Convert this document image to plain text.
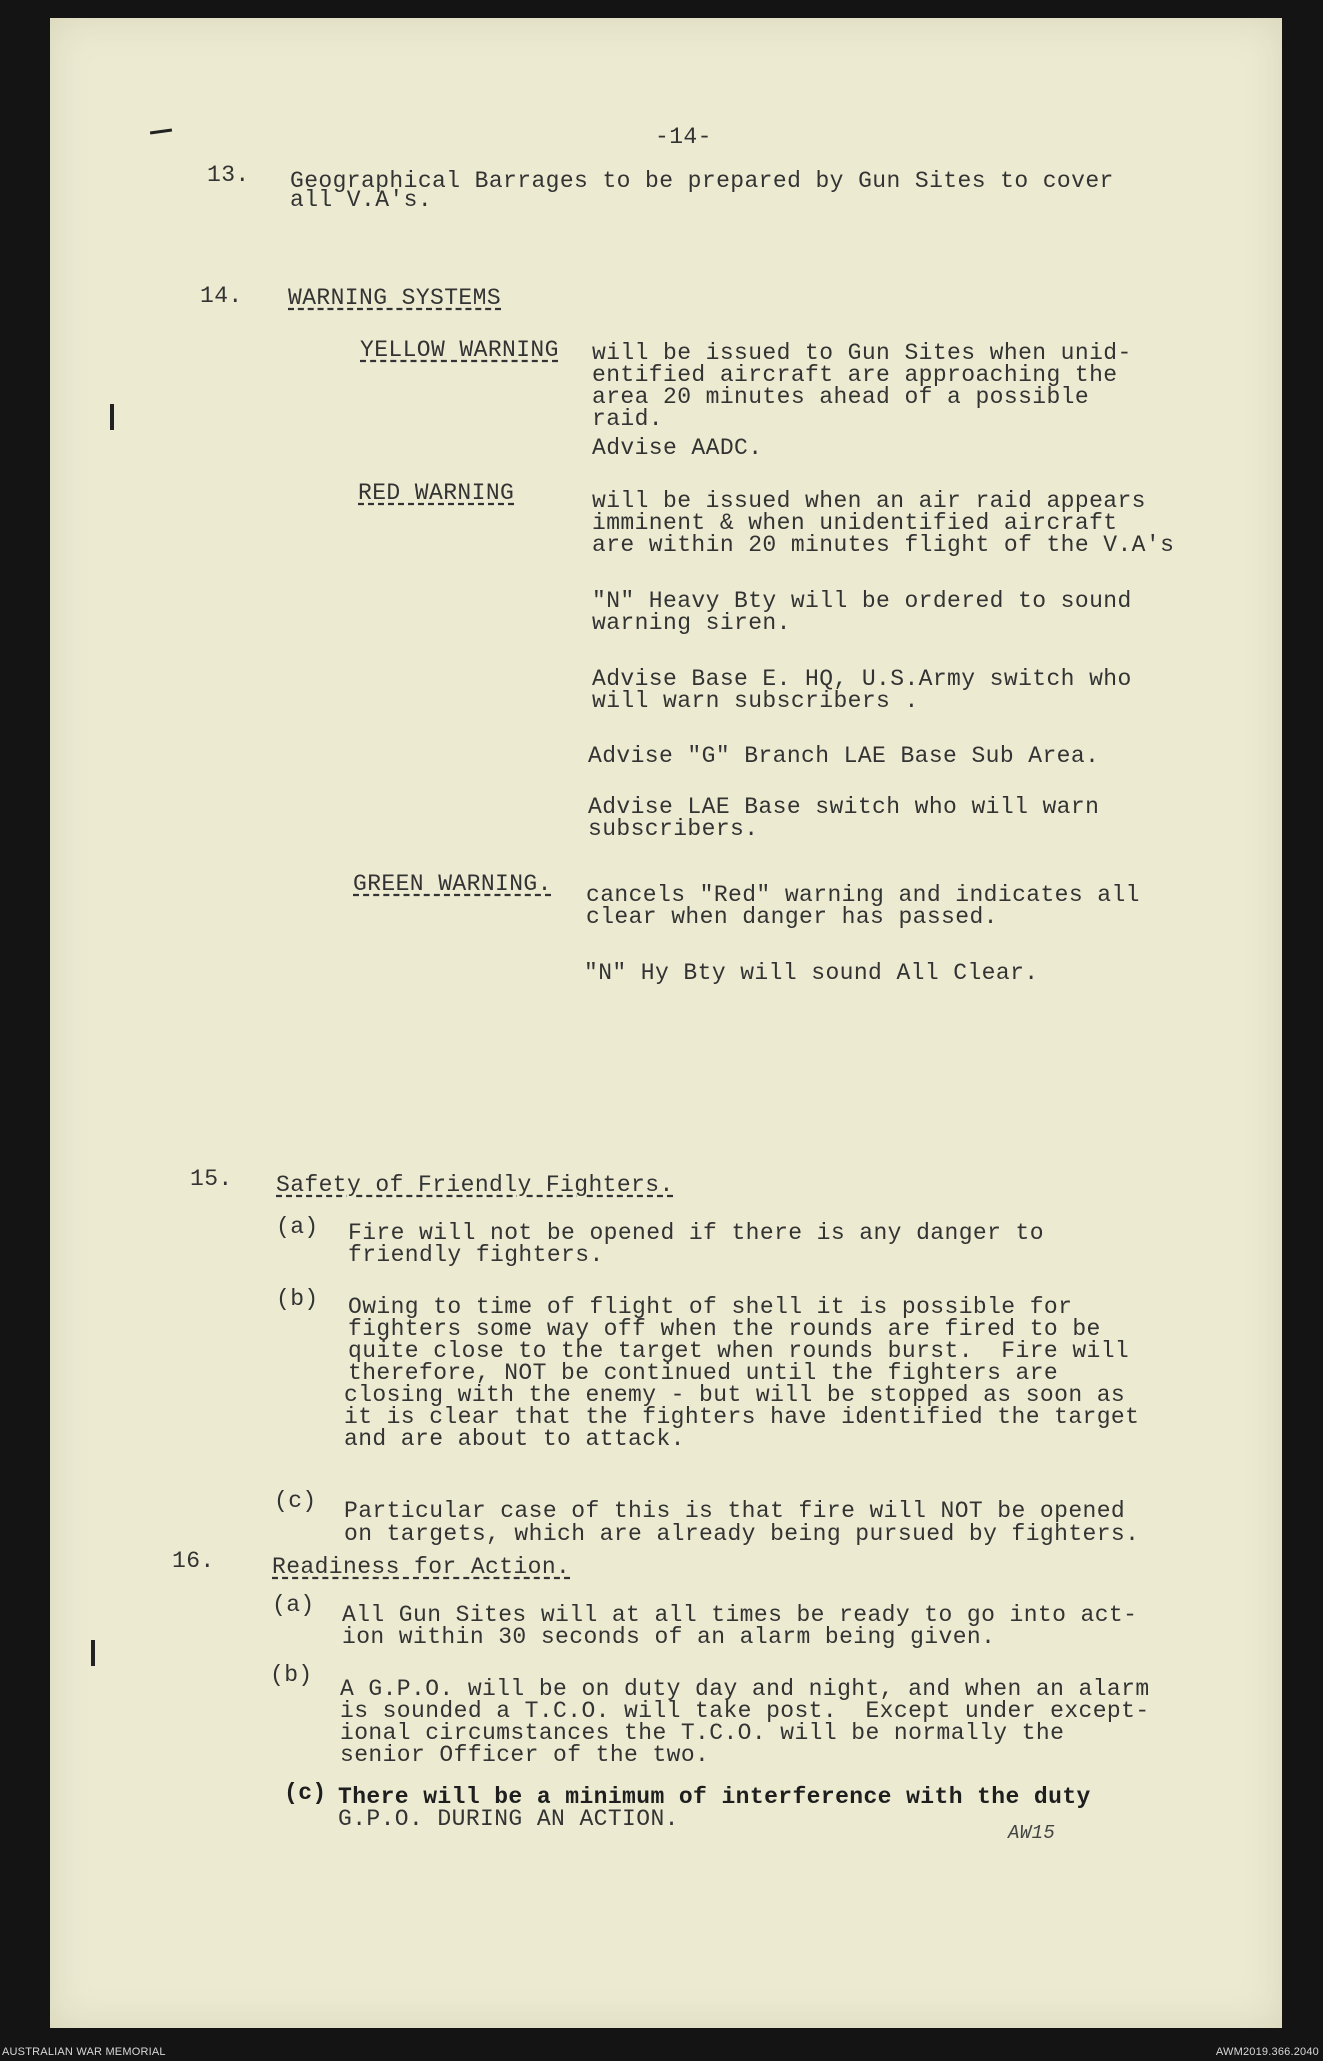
-14-

13. Geographical Barrages to be prepared by Gun Sites to cover

all V.A's.

14. WARNING SYSTEMS

YELLOW WARNING will be issued to Gun Sites when unid-

entified aircraft are approaching the

area 20 minutes ahead of a possible

raid.

Advise AADC.

RED WARNING	will be issued when an air raid appears

imminent & when unidentified aircraft

are within 20 minutes flight of the V.A's

"N" Heavy Bty will be ordered to sound

warning siren.

Advise Base E. HQ, U.S.Army switch who

will warn subscribers .

Advise "G" Branch LAE Base Sub Area.

Advise LAE Base switch who will warn

subscribers.

GREEN WARNING. cancels "Red" warning and indicates all

clear when danger has passed.

"N" Hy Bty will sound All Clear.

15. Safety of Friendly Fighters.

(a) Fire will not be opened if there is any danger to

friendly fighters.

(b) Owing to time of flight of shell it is possible for

fighters some way off when the rounds are fired to be

quite close to the target when rounds burst.  Fire will

therefore, NOT be continued until the fighters are

closing with the enemy - but will be stopped as soon as

it is clear that the fighters have identified the target

and are about to attack.

(c) Particular case of this is that fire will NOT be opened

on targets, which are already being pursued by fighters.

16. Readiness for Action.

(a) All Gun Sites will at all times be ready to go into act-

ion within 30 seconds of an alarm being given.

(b)

A G.P.O. will be on duty day and night, and when an alarm

is sounded a T.C.O. will take post.  Except under except-

ional circumstances the T.C.O. will be normally the

senior Officer of the two.

(c) There will be a minimum of interference with the duty

G.P.O. DURING AN ACTION.

AW15

AUSTRALIAN WAR MEMORIAL	AWM2019.366.2040
